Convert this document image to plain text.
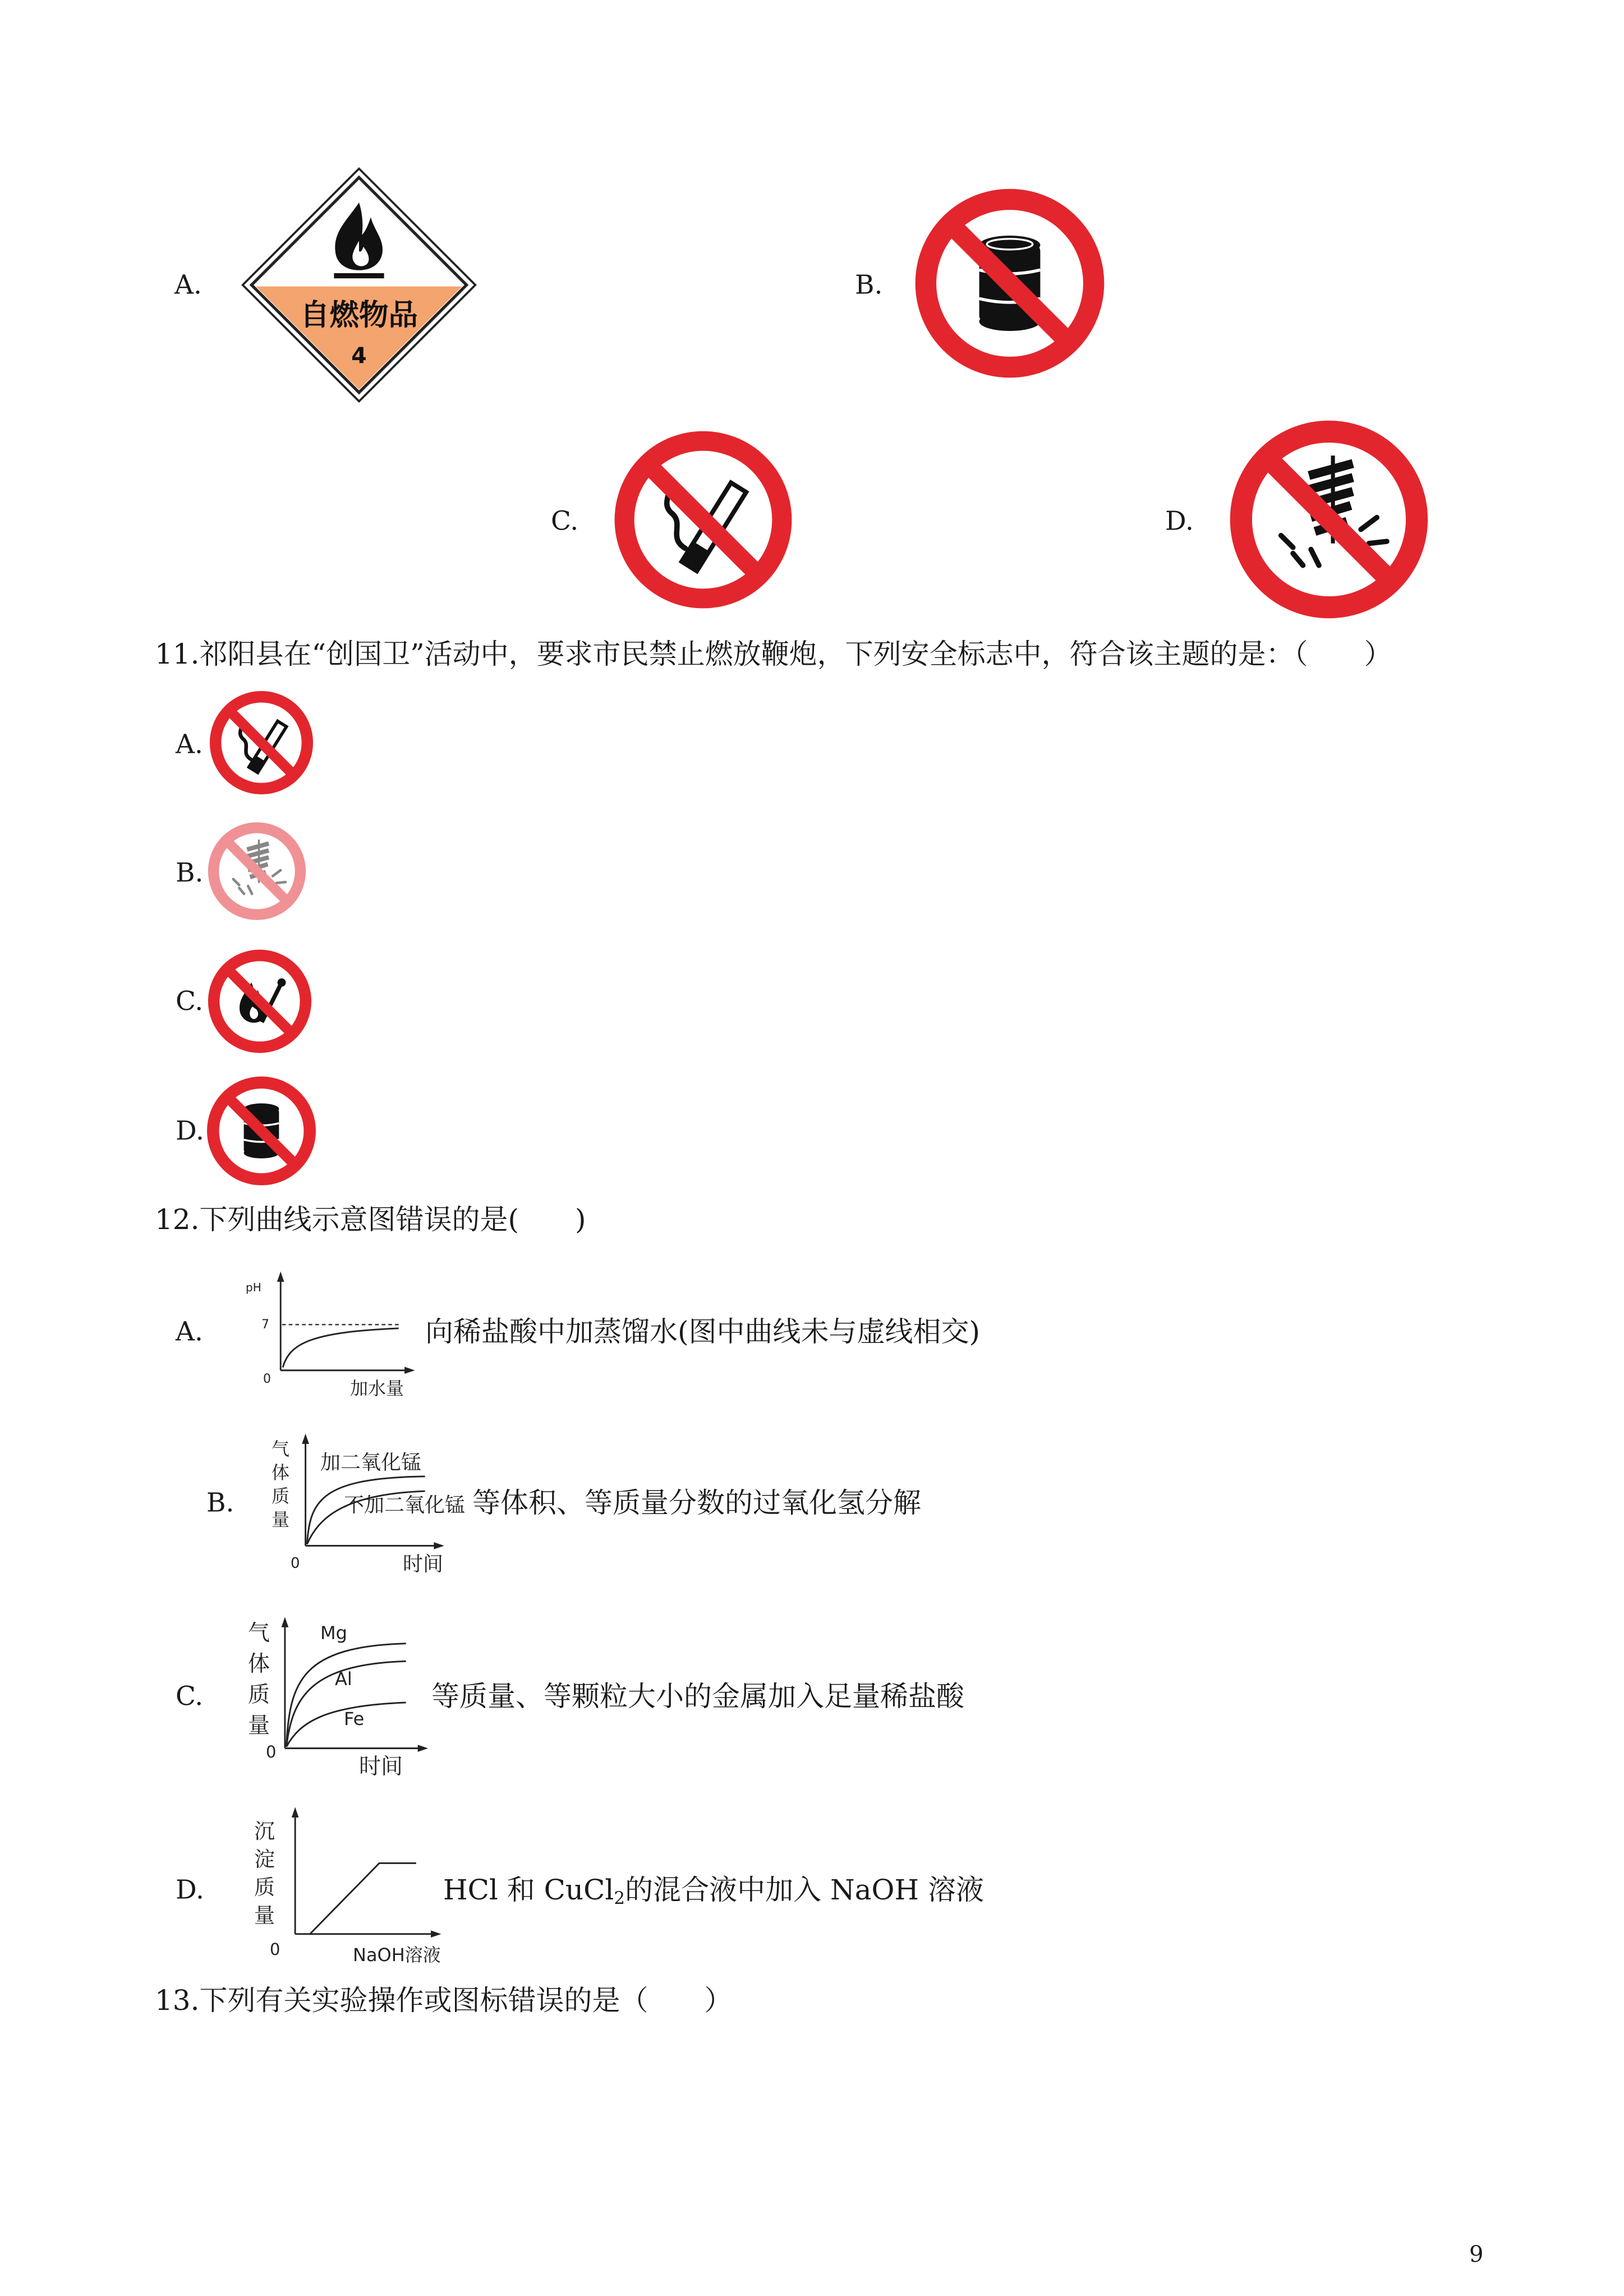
A.
自燃物品
4
B.
C.	D.
11.祁阳县在“创国卫”活动中，要求市民禁止燃放鞭炮，下列安全标志中，符合该主题的是：（　　）
A.
B.
C.
D.
12.下列曲线示意图错误的是(　　)
A.
pH
7
0	加水量
向稀盐酸中加蒸馏水(图中曲线未与虚线相交)
B.
气体质量
0	时间
加二氧化锰
不加二氧化锰 等体积、等质量分数的过氧化氢分解
C.
气体质量
0
时间
Mg
Al
Fe
等质量、等颗粒大小的金属加入足量稀盐酸
D.
沉淀质量
0	NaOH溶液
HCl 和 CuCl$_2$的混合液中加入 NaOH 溶液
13.下列有关实验操作或图标错误的是（　　）
9
